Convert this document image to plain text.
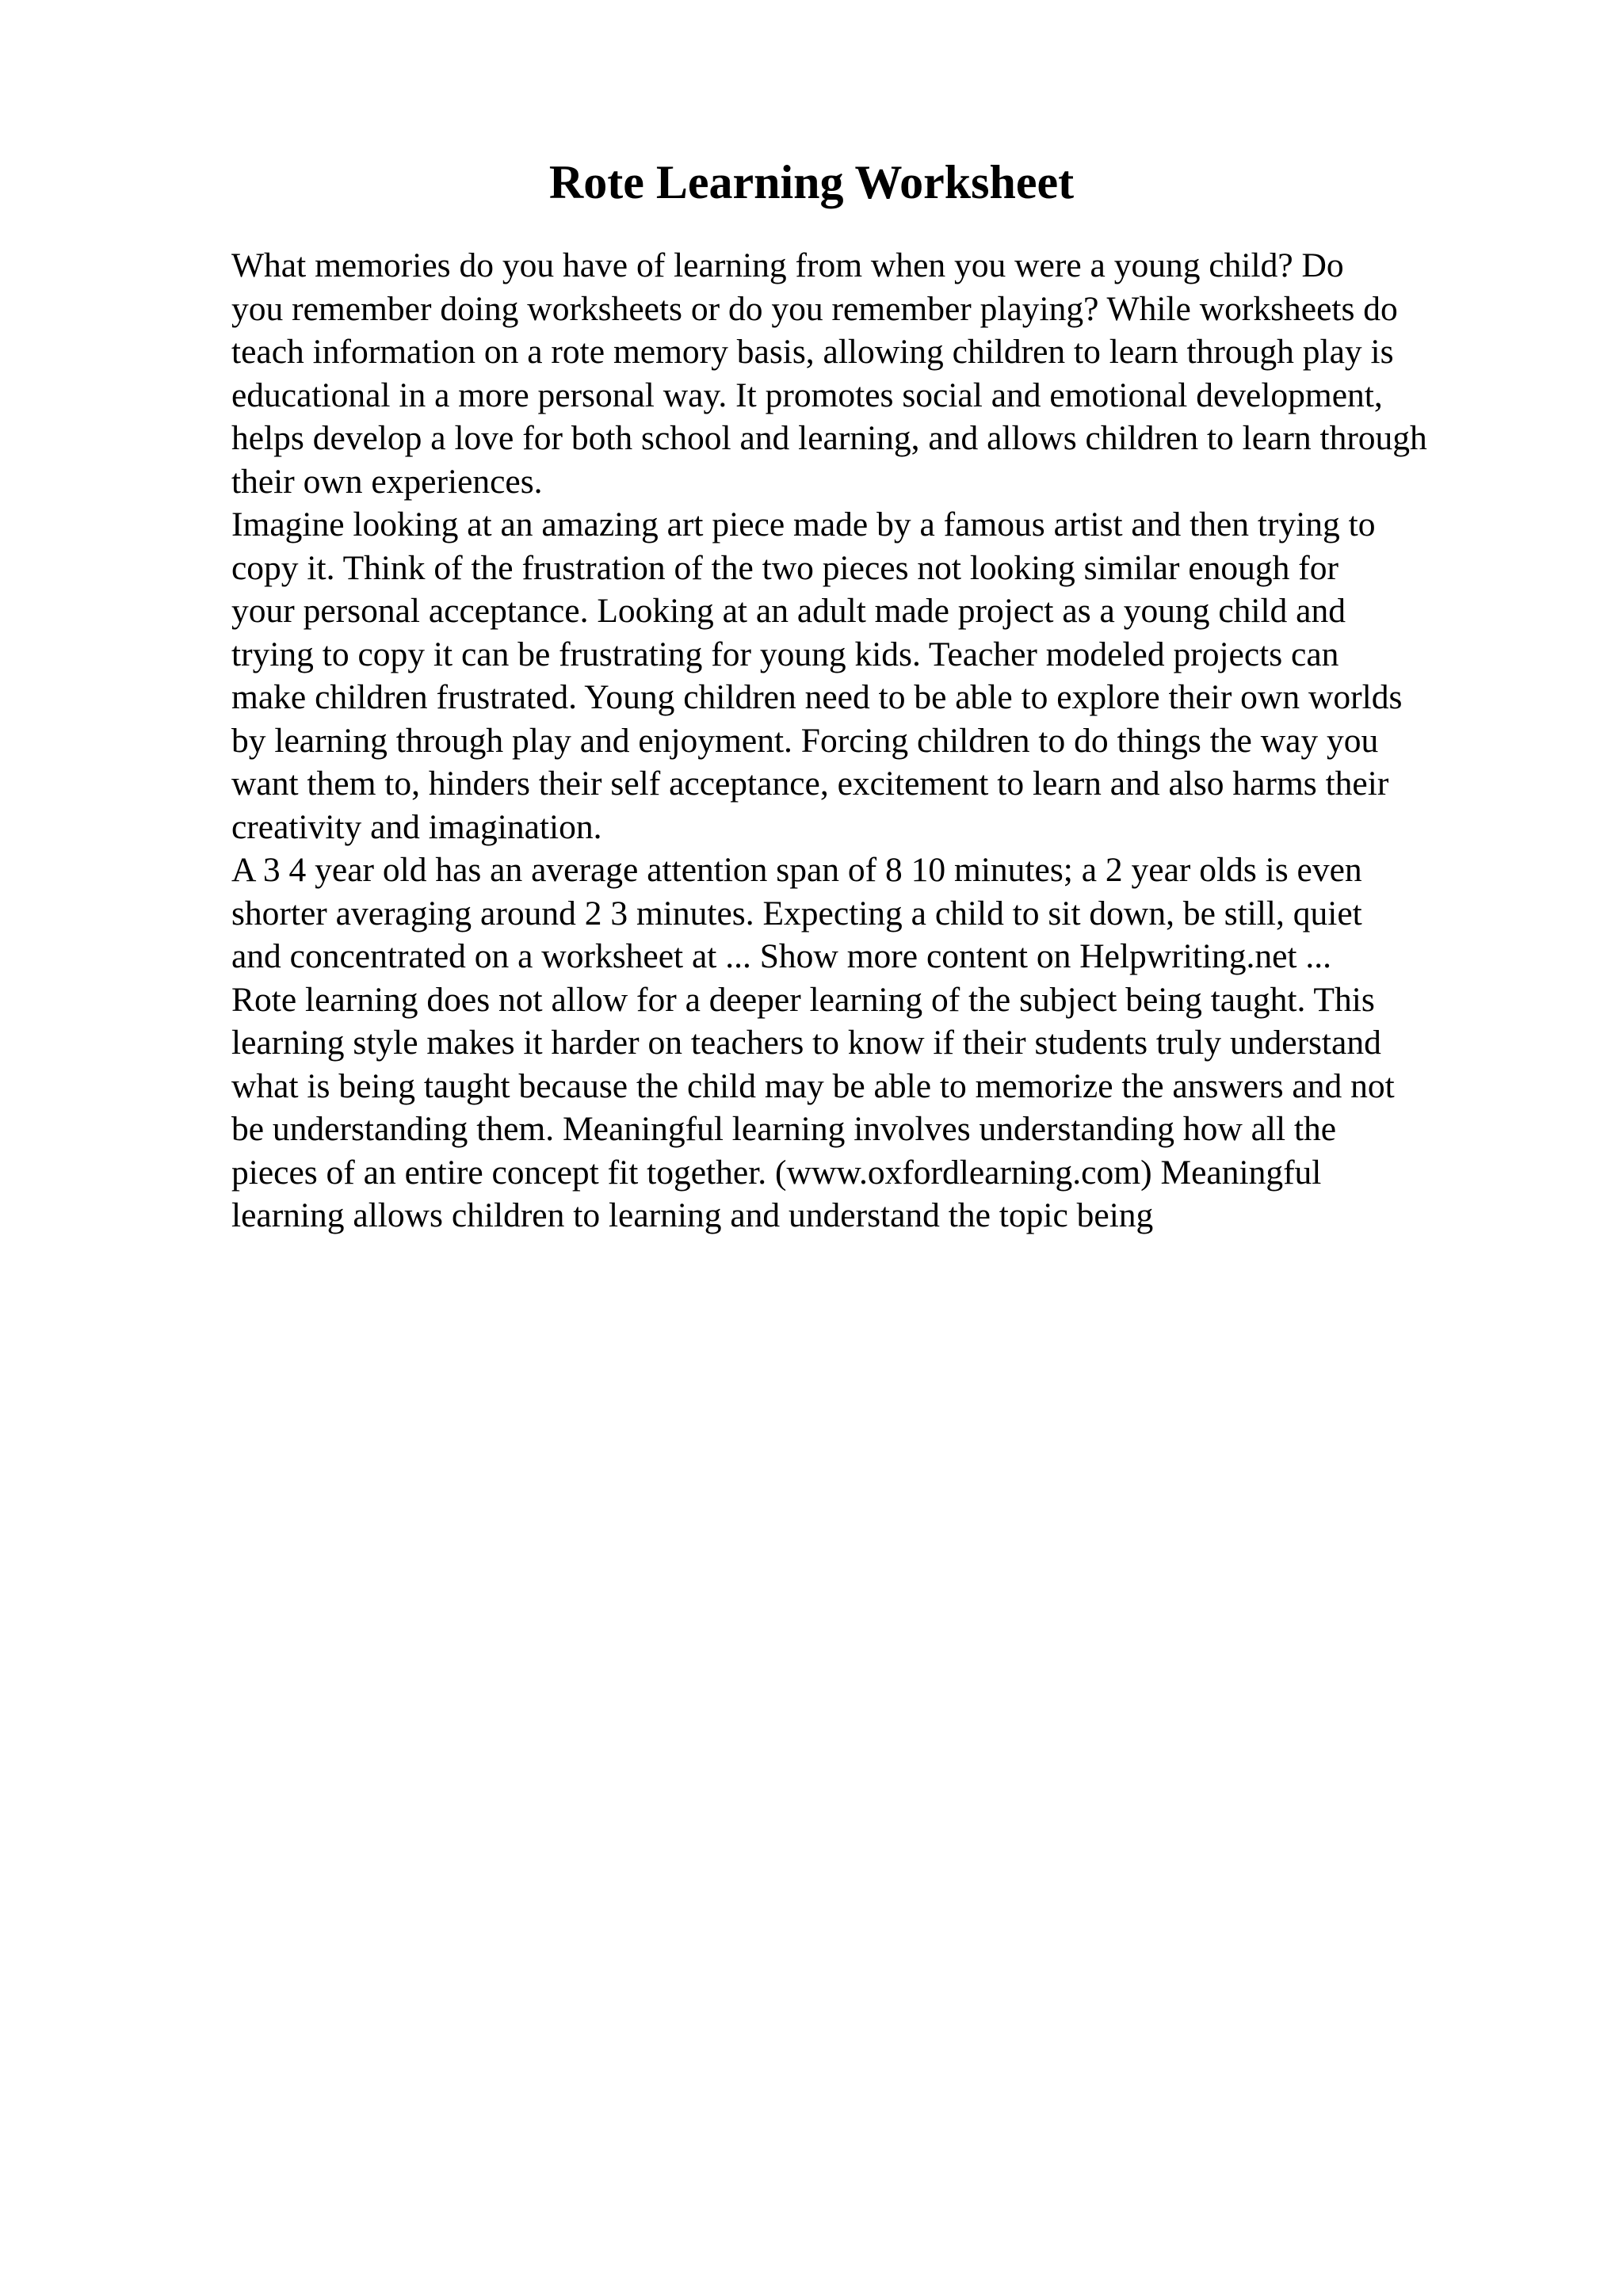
Rote Learning Worksheet
What memories do you have of learning from when you were a young child? Do
you remember doing worksheets or do you remember playing? While worksheets do
teach information on a rote memory basis, allowing children to learn through play is
educational in a more personal way. It promotes social and emotional development,
helps develop a love for both school and learning, and allows children to learn through
their own experiences.
Imagine looking at an amazing art piece made by a famous artist and then trying to
copy it. Think of the frustration of the two pieces not looking similar enough for
your personal acceptance. Looking at an adult made project as a young child and
trying to copy it can be frustrating for young kids. Teacher modeled projects can
make children frustrated. Young children need to be able to explore their own worlds
by learning through play and enjoyment. Forcing children to do things the way you
want them to, hinders their self acceptance, excitement to learn and also harms their
creativity and imagination.
A 3 4 year old has an average attention span of 8 10 minutes; a 2 year olds is even
shorter averaging around 2 3 minutes. Expecting a child to sit down, be still, quiet
and concentrated on a worksheet at ... Show more content on Helpwriting.net ...
Rote learning does not allow for a deeper learning of the subject being taught. This
learning style makes it harder on teachers to know if their students truly understand
what is being taught because the child may be able to memorize the answers and not
be understanding them. Meaningful learning involves understanding how all the
pieces of an entire concept fit together. (www.oxfordlearning.com) Meaningful
learning allows children to learning and understand the topic being
